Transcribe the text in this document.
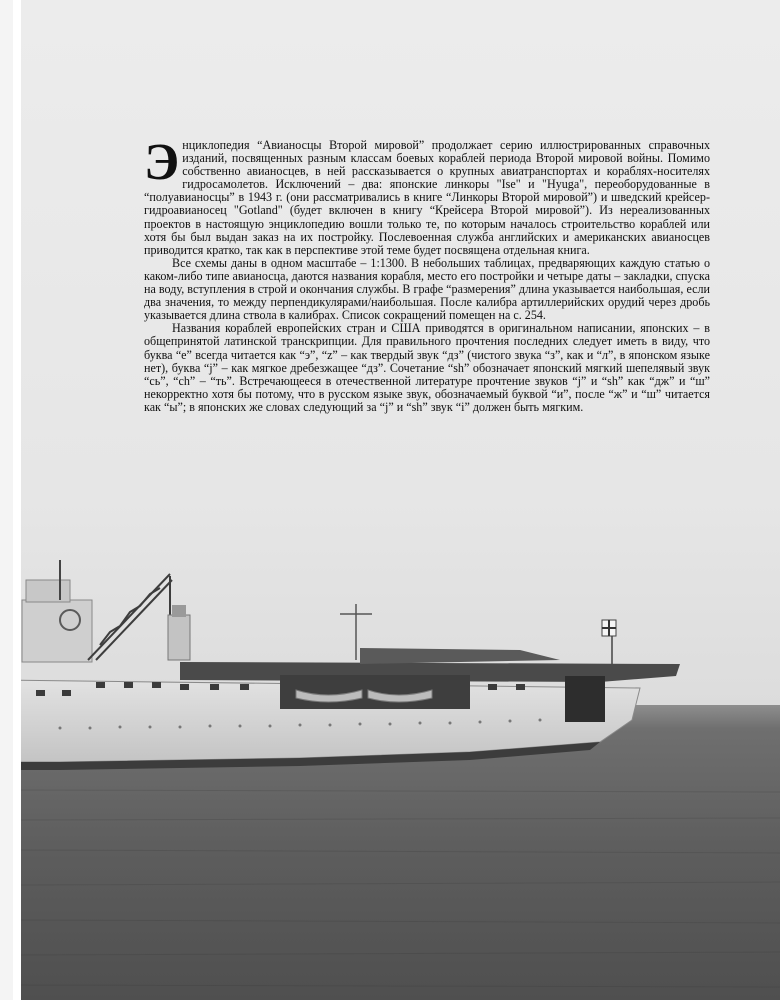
Энциклопедия “Авианосцы Второй мировой” продолжает серию иллюстрированных справочных изданий, посвященных разным классам боевых кораблей периода Второй мировой войны. Помимо собственно авианосцев, в ней рассказывается о крупных авиатранспортах и кораблях-носителях гидросамолетов. Исключений – два: японские линкоры "Ise" и "Hyuga", переоборудованные в “полуавианосцы” в 1943 г. (они рассматривались в книге “Линкоры Второй мировой”) и шведский крейсер-гидроавианосец "Gotland" (будет включен в книгу “Крейсера Второй мировой”). Из нереализованных проектов в настоящую энциклопедию вошли только те, по которым началось строительство кораблей или хотя бы был выдан заказ на их постройку. Послевоенная служба английских и американских авианосцев приводится кратко, так как в перспективе этой теме будет посвящена отдельная книга.

Все схемы даны в одном масштабе – 1:1300. В небольших таблицах, предваряющих каждую статью о каком-либо типе авианосца, даются названия корабля, место его постройки и четыре даты – закладки, спуска на воду, вступления в строй и окончания службы. В графе “размерения” длина указывается наибольшая, если два значения, то между перпендикулярами/наибольшая. После калибра артиллерийских орудий через дробь указывается длина ствола в калибрах. Список сокращений помещен на с. 254.

Названия кораблей европейских стран и США приводятся в оригинальном написании, японских – в общепринятой латинской транскрипции. Для правильного прочтения последних следует иметь в виду, что буква “e” всегда читается как “э”, “z” – как твердый звук “дз” (чистого звука “з”, как и “л”, в японском языке нет), буква “j” – как мягкое дребезжащее “дз”. Сочетание “sh” обозначает японский мягкий шепелявый звук “сь”, “ch” – “ть”. Встречающееся в отечественной литературе прочтение звуков “j” и “sh” как “дж” и “ш” некорректно хотя бы потому, что в русском языке звук, обозначаемый буквой “и”, после “ж” и “ш” читается как “ы”; в японских же словах следующий за “j” и “sh” звук “i” должен быть мягким.
